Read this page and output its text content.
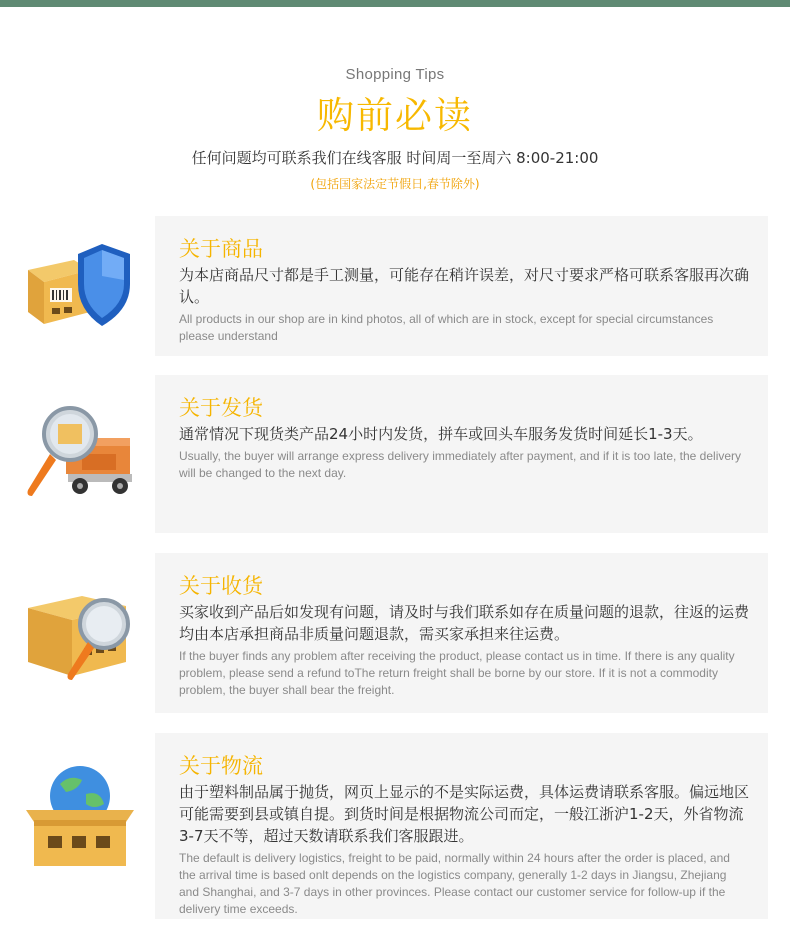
Shopping Tips
购前必读
任何问题均可联系我们在线客服 时间周一至周六 8:00-21:00
(包括国家法定节假日,春节除外)
关于商品
为本店商品尺寸都是手工测量，可能存在稍许误差，对尺寸要求严格可联系客服再次确认。
All products in our shop are in kind photos, all of which are in stock, except for special circumstances please understand
关于发货
通常情况下现货类产品24小时内发货，拼车或回头车服务发货时间延长1-3天。
Usually, the buyer will arrange express delivery immediately after payment, and if it is too late, the delivery will be changed to the next day.
关于收货
买家收到产品后如发现有问题，请及时与我们联系如存在质量问题的退款，往返的运费均由本店承担商品非质量问题退款，需买家承担来往运费。
If the buyer finds any problem after receiving the product, please contact us in time. If there is any quality problem, please send a refund toThe return freight shall be borne by our store. If it is not a commodity problem, the buyer shall bear the freight.
关于物流
由于塑料制品属于抛货，网页上显示的不是实际运费，具体运费请联系客服。偏远地区可能需要到县或镇自提。到货时间是根据物流公司而定，一般江浙沪1-2天，外省物流3-7天不等，超过天数请联系我们客服跟进。
The default is delivery logistics, freight to be paid, normally within 24 hours after the order is placed, and the arrival time is based onlt depends on the logistics company, generally 1-2 days in Jiangsu, Zhejiang and Shanghai, and 3-7 days in other provinces. Please contact our customer service for follow-up if the delivery time exceeds.
